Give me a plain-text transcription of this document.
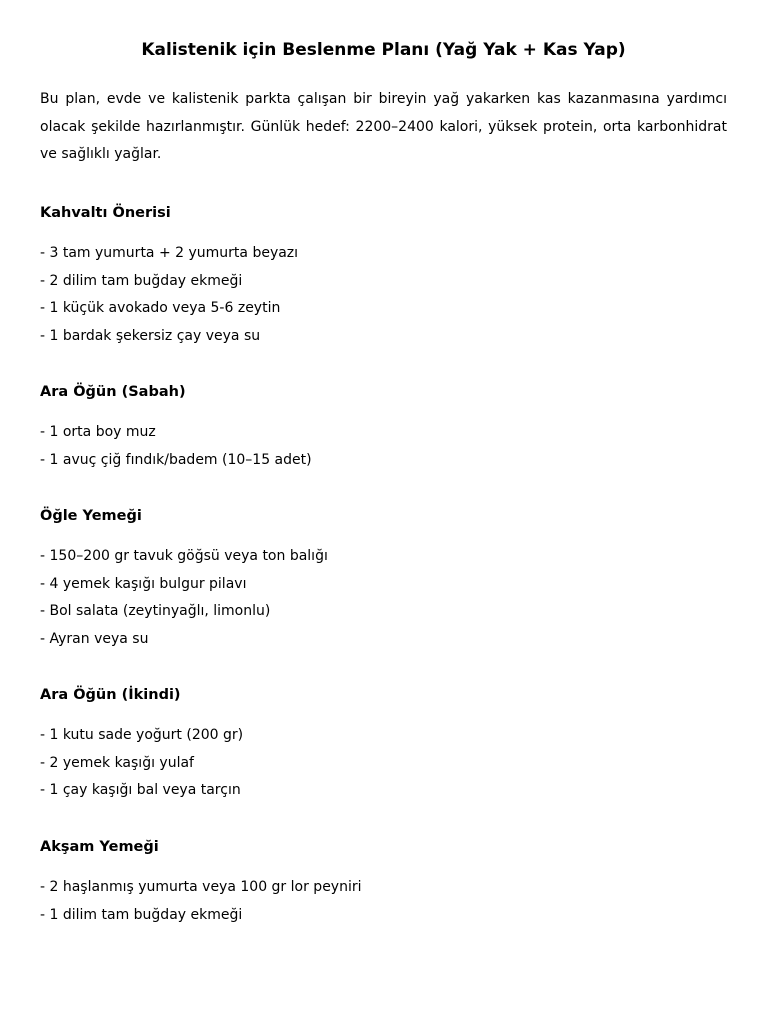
Kalistenik için Beslenme Planı (Yağ Yak + Kas Yap)
Bu plan, evde ve kalistenik parkta çalışan bir bireyin yağ yakarken kas kazanmasına yardımcı olacak şekilde hazırlanmıştır. Günlük hedef: 2200–2400 kalori, yüksek protein, orta karbonhidrat ve sağlıklı yağlar.
Kahvaltı Önerisi
- 3 tam yumurta + 2 yumurta beyazı
- 2 dilim tam buğday ekmeği
- 1 küçük avokado veya 5-6 zeytin
- 1 bardak şekersiz çay veya su
Ara Öğün (Sabah)
- 1 orta boy muz
- 1 avuç çiğ fındık/badem (10–15 adet)
Öğle Yemeği
- 150–200 gr tavuk göğsü veya ton balığı
- 4 yemek kaşığı bulgur pilavı
- Bol salata (zeytinyağlı, limonlu)
- Ayran veya su
Ara Öğün (İkindi)
- 1 kutu sade yoğurt (200 gr)
- 2 yemek kaşığı yulaf
- 1 çay kaşığı bal veya tarçın
Akşam Yemeği
- 2 haşlanmış yumurta veya 100 gr lor peyniri
- 1 dilim tam buğday ekmeği
